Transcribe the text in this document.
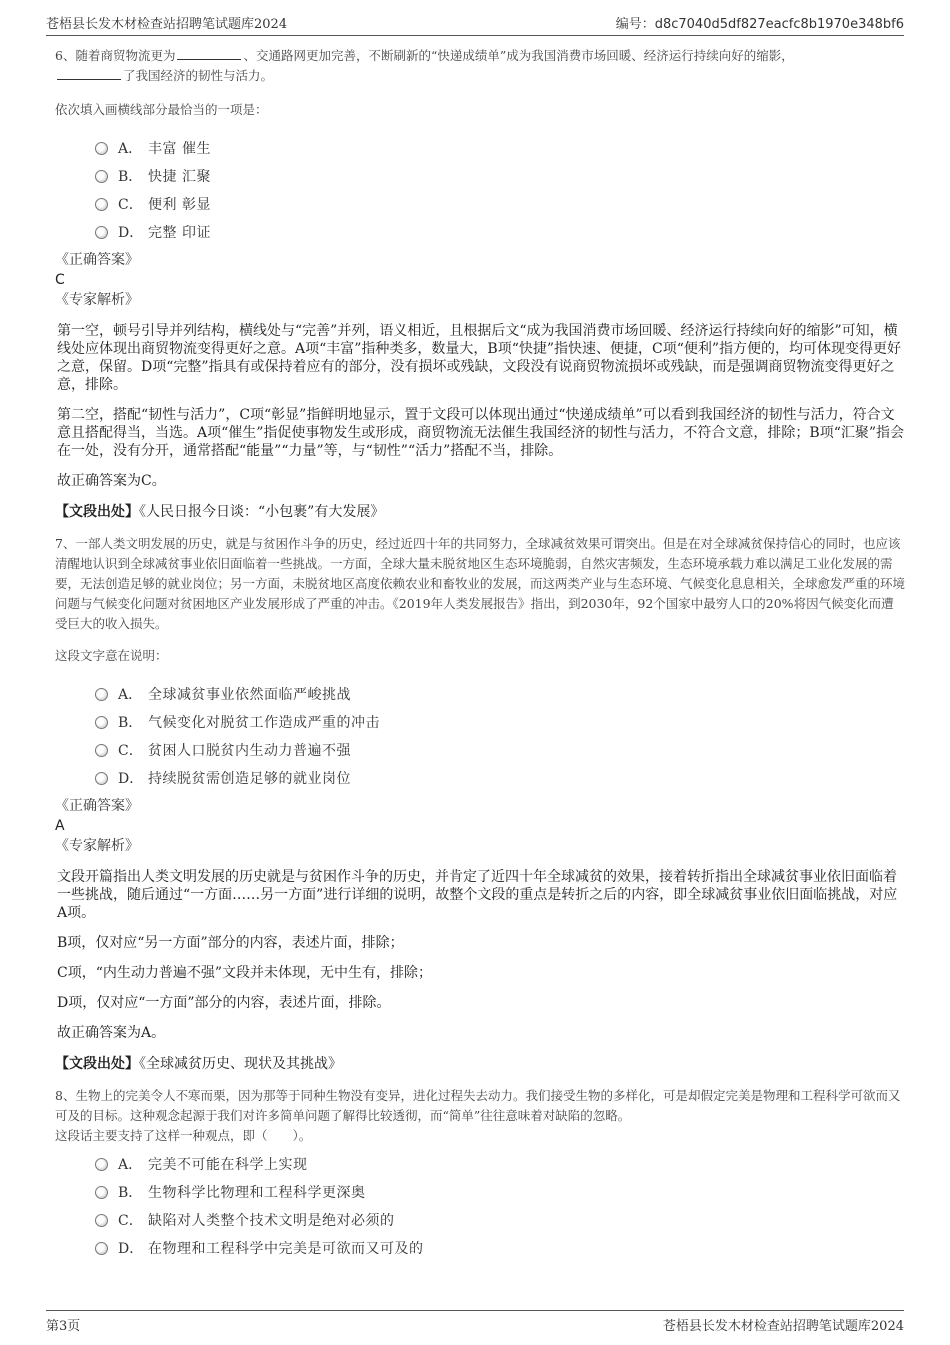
苍梧县长发木材检查站招聘笔试题库2024	编号：d8c7040d5df827eacfc8b1970e348bf6
6、随着商贸物流更为	、交通路网更加完善，不断刷新的“快递成绩单”成为我国消费市场回暖、经济运行持续向好的缩影，
了我国经济的韧性与活力。
依次填入画横线部分最恰当的一项是：
A． 丰富 催生
B． 快捷 汇聚
C． 便利 彰显
D． 完整 印证
《正确答案》
C
《专家解析》

第一空，顿号引导并列结构，横线处与“完善”并列，语义相近，且根据后文“成为我国消费市场回暖、经济运行持续向好的缩影”可知，横线处应体现出商贸物流变得更好之意。A项“丰富”指种类多，数量大，B项“快捷”指快速、便捷，C项“便利”指方便的，均可体现变得更好之意，保留。D项“完整”指具有或保持着应有的部分，没有损坏或残缺，文段没有说商贸物流损坏或残缺，而是强调商贸物流变得更好之意，排除。

第二空，搭配“韧性与活力”，C项“彰显”指鲜明地显示，置于文段可以体现出通过“快递成绩单”可以看到我国经济的韧性与活力，符合文意且搭配得当，当选。A项“催生”指促使事物发生或形成，商贸物流无法催生我国经济的韧性与活力，不符合文意，排除；B项“汇聚”指会在一处，没有分开，通常搭配“能量”“力量”等，与“韧性”“活力”搭配不当，排除。

故正确答案为C。

【文段出处】《人民日报今日谈：“小包裹”有大发展》
7、一部人类文明发展的历史，就是与贫困作斗争的历史，经过近四十年的共同努力，全球减贫效果可谓突出。但是在对全球减贫保持信心的同时，也应该清醒地认识到全球减贫事业依旧面临着一些挑战。一方面，全球大量未脱贫地区生态环境脆弱，自然灾害频发，生态环境承载力难以满足工业化发展的需要，无法创造足够的就业岗位；另一方面，未脱贫地区高度依赖农业和畜牧业的发展，而这两类产业与生态环境、气候变化息息相关，全球愈发严重的环境问题与气候变化问题对贫困地区产业发展形成了严重的冲击。《2019年人类发展报告》指出，到2030年，92个国家中最穷人口的20%将因气候变化而遭受巨大的收入损失。
这段文字意在说明：
A． 全球减贫事业依然面临严峻挑战
B． 气候变化对脱贫工作造成严重的冲击
C． 贫困人口脱贫内生动力普遍不强
D． 持续脱贫需创造足够的就业岗位
《正确答案》
A
《专家解析》

文段开篇指出人类文明发展的历史就是与贫困作斗争的历史，并肯定了近四十年全球减贫的效果，接着转折指出全球减贫事业依旧面临着一些挑战，随后通过“一方面……另一方面”进行详细的说明，故整个文段的重点是转折之后的内容，即全球减贫事业依旧面临挑战，对应A项。

B项，仅对应“另一方面”部分的内容，表述片面，排除；

C项，“内生动力普遍不强”文段并未体现，无中生有，排除；

D项，仅对应“一方面”部分的内容，表述片面，排除。

故正确答案为A。

【文段出处】《全球减贫历史、现状及其挑战》
8、生物上的完美令人不寒而栗，因为那等于同种生物没有变异，进化过程失去动力。我们接受生物的多样化，可是却假定完美是物理和工程科学可欲而又可及的目标。这种观念起源于我们对许多简单问题了解得比较透彻，而“简单”往往意味着对缺陷的忽略。
这段话主要支持了这样一种观点，即（　　）。
A． 完美不可能在科学上实现
B． 生物科学比物理和工程科学更深奥
C． 缺陷对人类整个技术文明是绝对必须的
D． 在物理和工程科学中完美是可欲而又可及的
第3页	苍梧县长发木材检查站招聘笔试题库2024
